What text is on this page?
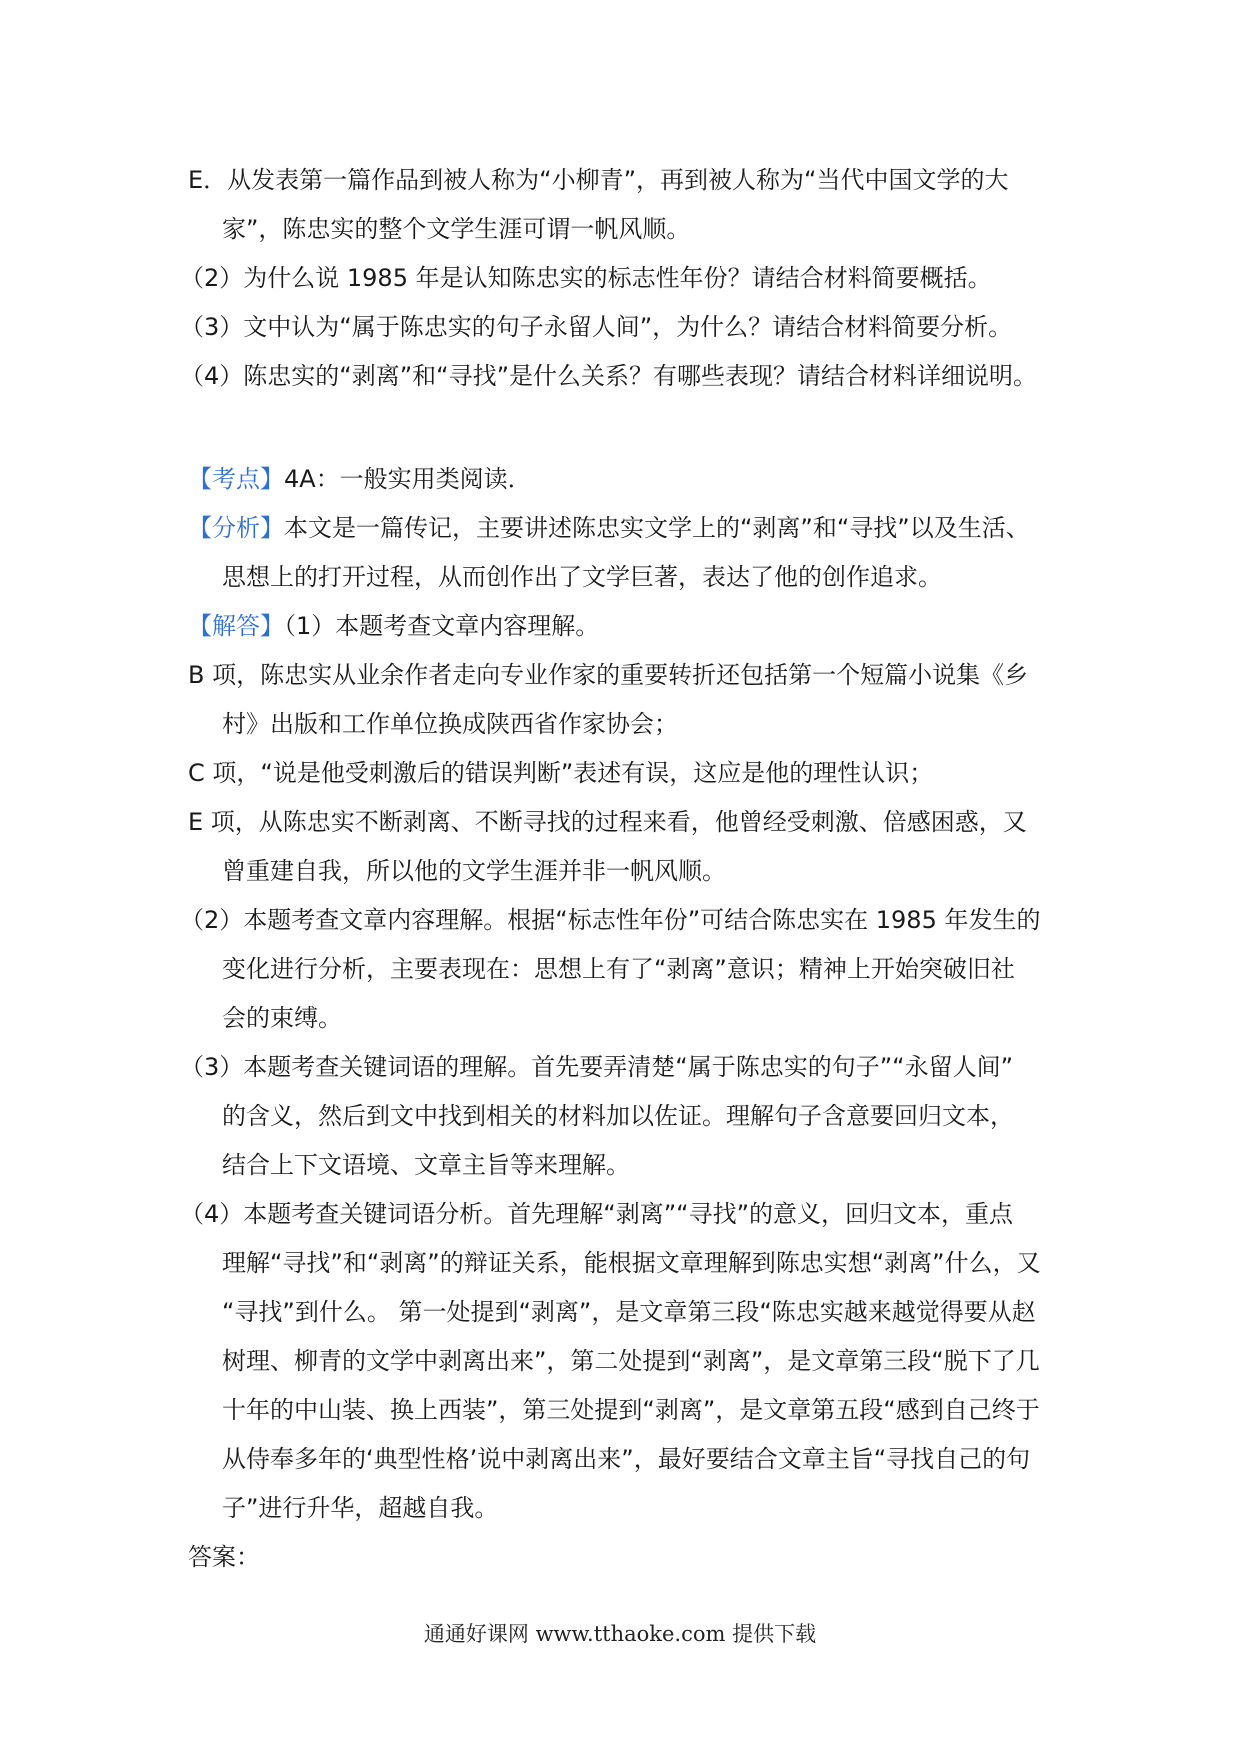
E．从发表第一篇作品到被人称为“小柳青”，再到被人称为“当代中国文学的大

家”，陈忠实的整个文学生涯可谓一帆风顺。

（2）为什么说 1985 年是认知陈忠实的标志性年份？请结合材料简要概括。

（3）文中认为“属于陈忠实的句子永留人间”，为什么？请结合材料简要分析。

（4）陈忠实的“剥离”和“寻找”是什么关系？有哪些表现？请结合材料详细说明。

【考点】4A：一般实用类阅读．

【分析】本文是一篇传记，主要讲述陈忠实文学上的“剥离”和“寻找”以及生活、

思想上的打开过程，从而创作出了文学巨著，表达了他的创作追求。

【解答】（1）本题考查文章内容理解。

B 项，陈忠实从业余作者走向专业作家的重要转折还包括第一个短篇小说集《乡

村》出版和工作单位换成陕西省作家协会；

C 项，“说是他受刺激后的错误判断”表述有误，这应是他的理性认识；

E 项，从陈忠实不断剥离、不断寻找的过程来看，他曾经受刺激、倍感困惑，又

曾重建自我，所以他的文学生涯并非一帆风顺。

（2）本题考查文章内容理解。根据“标志性年份”可结合陈忠实在 1985 年发生的

变化进行分析，主要表现在：思想上有了“剥离”意识；精神上开始突破旧社

会的束缚。

（3）本题考查关键词语的理解。首先要弄清楚“属于陈忠实的句子”“永留人间”

的含义，然后到文中找到相关的材料加以佐证。理解句子含意要回归文本，

结合上下文语境、文章主旨等来理解。

（4）本题考查关键词语分析。首先理解“剥离”“寻找”的意义，回归文本，重点

理解“寻找”和“剥离”的辩证关系，能根据文章理解到陈忠实想“剥离”什么，又

“寻找”到什么。 第一处提到“剥离”，是文章第三段“陈忠实越来越觉得要从赵

树理、柳青的文学中剥离出来”，第二处提到“剥离”，是文章第三段“脱下了几

十年的中山装、换上西装”，第三处提到“剥离”，是文章第五段“感到自己终于

从侍奉多年的‘典型性格’说中剥离出来”，最好要结合文章主旨“寻找自己的句

子”进行升华，超越自我。

答案：

通通好课网 www.tthaoke.com 提供下载
